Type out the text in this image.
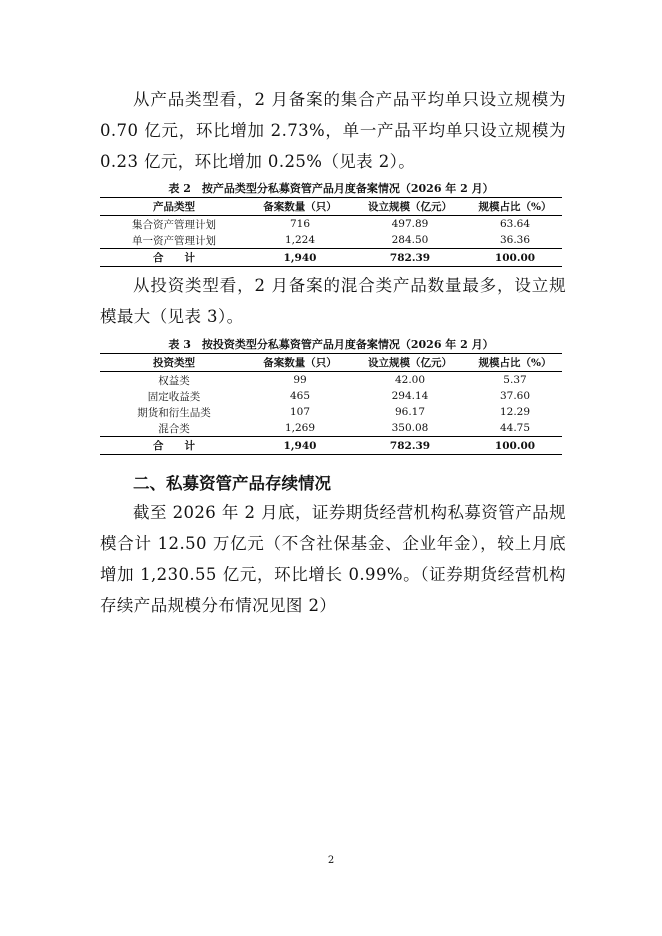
从产品类型看，2 月备案的集合产品平均单只设立规模为 0.70 亿元，环比增加 2.73%，单一产品平均单只设立规模为 0.23 亿元，环比增加 0.25%（见表 2）。

表 2　按产品类型分私募资管产品月度备案情况（2026 年 2 月）

产品类型	备案数量（只）	设立规模（亿元）	规模占比（%）
集合资产管理计划	716	497.89	63.64
单一资产管理计划	1,224	284.50	36.36
合　　计	1,940	782.39	100.00

从投资类型看，2 月备案的混合类产品数量最多，设立规模最大（见表 3）。

表 3　按投资类型分私募资管产品月度备案情况（2026 年 2 月）

投资类型	备案数量（只）	设立规模（亿元）	规模占比（%）
权益类	99	42.00	5.37
固定收益类	465	294.14	37.60
期货和衍生品类	107	96.17	12.29
混合类	1,269	350.08	44.75
合　　计	1,940	782.39	100.00

二、私募资管产品存续情况

截至 2026 年 2 月底，证券期货经营机构私募资管产品规模合计 12.50 万亿元（不含社保基金、企业年金），较上月底增加 1,230.55 亿元，环比增长 0.99%。（证券期货经营机构存续产品规模分布情况见图 2）

2
